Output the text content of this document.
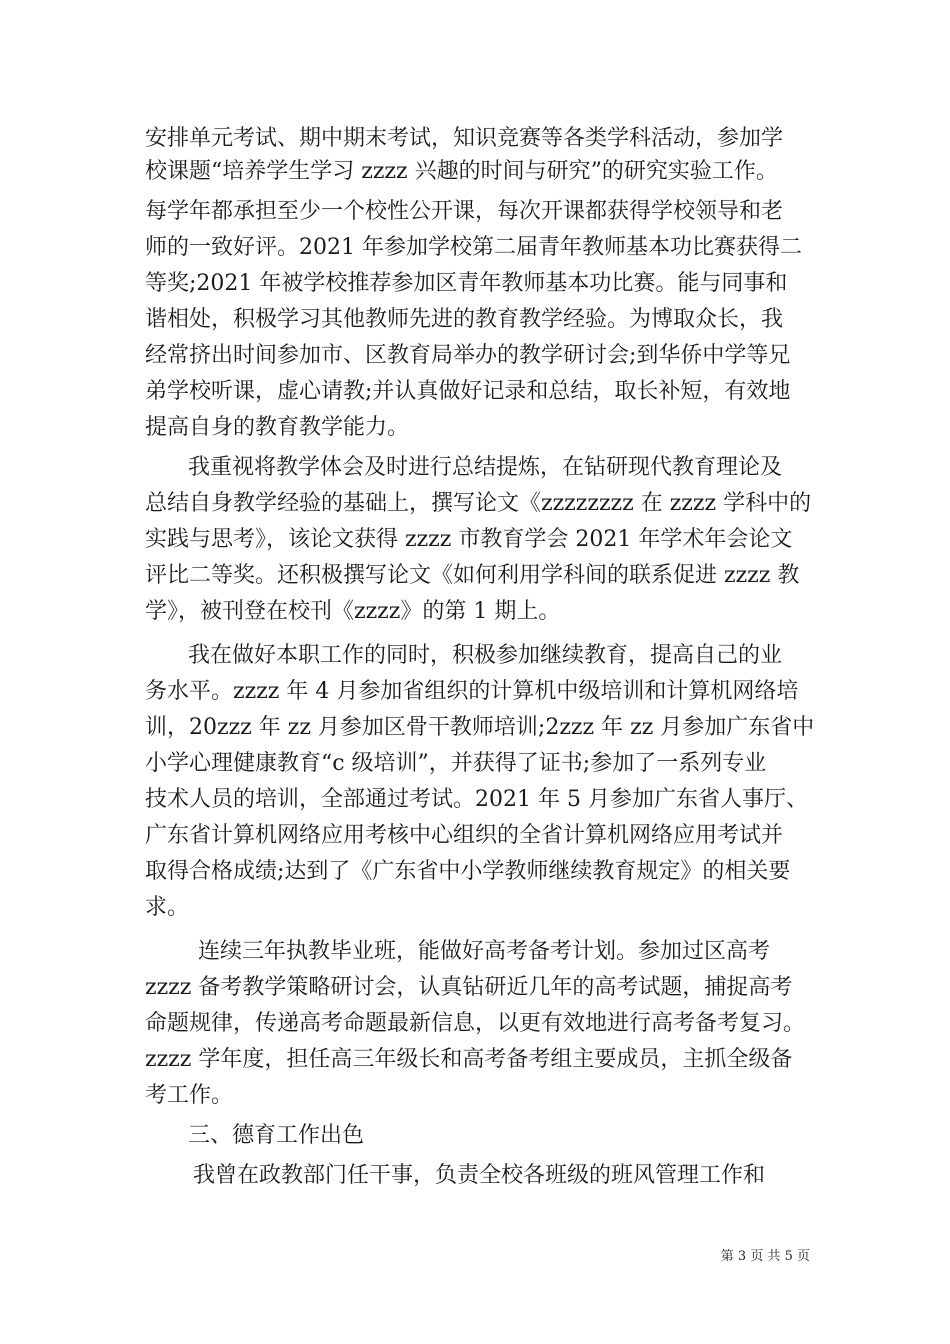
安排单元考试、期中期末考试，知识竞赛等各类学科活动，参加学
校课题“培养学生学习 zzzz 兴趣的时间与研究”的研究实验工作。
每学年都承担至少一个校性公开课，每次开课都获得学校领导和老
师的一致好评。2021 年参加学校第二届青年教师基本功比赛获得二
等奖;2021 年被学校推荐参加区青年教师基本功比赛。能与同事和
谐相处，积极学习其他教师先进的教育教学经验。为博取众长，我
经常挤出时间参加市、区教育局举办的教学研讨会;到华侨中学等兄
弟学校听课，虚心请教;并认真做好记录和总结，取长补短，有效地
提高自身的教育教学能力。
我重视将教学体会及时进行总结提炼，在钻研现代教育理论及
总结自身教学经验的基础上，撰写论文《zzzzzzzz 在 zzzz 学科中的
实践与思考》，该论文获得 zzzz 市教育学会 2021 年学术年会论文
评比二等奖。还积极撰写论文《如何利用学科间的联系促进 zzzz 教
学》，被刊登在校刊《zzzz》的第 1 期上。
我在做好本职工作的同时，积极参加继续教育，提高自己的业
务水平。zzzz 年 4 月参加省组织的计算机中级培训和计算机网络培
训，20zzz 年 zz 月参加区骨干教师培训;2zzz 年 zz 月参加广东省中
小学心理健康教育“c 级培训”，并获得了证书;参加了一系列专业
技术人员的培训，全部通过考试。2021 年 5 月参加广东省人事厅、
广东省计算机网络应用考核中心组织的全省计算机网络应用考试并
取得合格成绩;达到了《广东省中小学教师继续教育规定》的相关要
求。
连续三年执教毕业班，能做好高考备考计划。参加过区高考
zzzz 备考教学策略研讨会，认真钻研近几年的高考试题，捕捉高考
命题规律，传递高考命题最新信息，以更有效地进行高考备考复习。
zzzz 学年度，担任高三年级长和高考备考组主要成员，主抓全级备
考工作。
三、德育工作出色
我曾在政教部门任干事，负责全校各班级的班风管理工作和
第 3 页 共 5 页
